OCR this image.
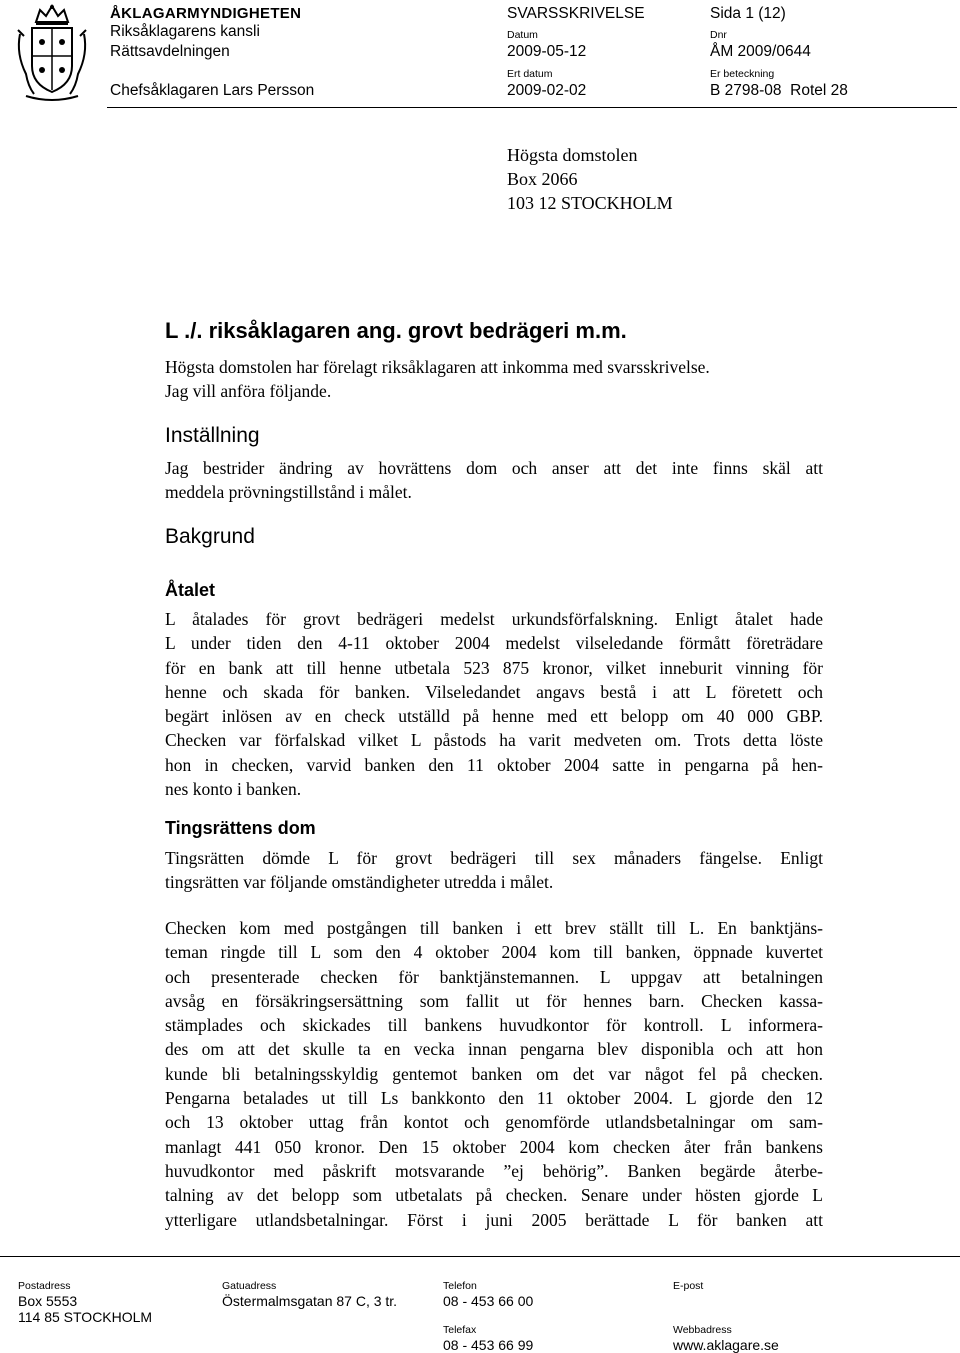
ÅKLAGARMYNDIGHETEN
Riksåklagarens kansli
Rättsavdelningen
Chefsåklagaren Lars Persson
SVARSSKRIVELSE
Datum
2009-05-12
Ert datum
2009-02-02
Sida 1 (12)
Dnr
ÅM 2009/0644
Er beteckning
B 2798-08  Rotel 28
Högsta domstolen
Box 2066
103 12 STOCKHOLM
L ./. riksåklagaren ang. grovt bedrägeri m.m.
Högsta domstolen har förelagt riksåklagaren att inkomma med svarsskrivelse.
Jag vill anföra följande.
Inställning
Jag bestrider ändring av hovrättens dom och anser att det inte finns skäl att
meddela prövningstillstånd i målet.
Bakgrund
Åtalet
L åtalades för grovt bedrägeri medelst urkundsförfalskning. Enligt åtalet hade
L under tiden den 4-11 oktober 2004 medelst vilseledande förmått företrädare
för en bank att till henne utbetala 523 875 kronor, vilket inneburit vinning för
henne och skada för banken. Vilseledandet angavs bestå i att L företett och
begärt inlösen av en check utställd på henne med ett belopp om 40 000 GBP.
Checken var förfalskad vilket L påstods ha varit medveten om. Trots detta löste
hon in checken, varvid banken den 11 oktober 2004 satte in pengarna på hen-
nes konto i banken.
Tingsrättens dom
Tingsrätten dömde L för grovt bedrägeri till sex månaders fängelse. Enligt
tingsrätten var följande omständigheter utredda i målet.
Checken kom med postgången till banken i ett brev ställt till L. En banktjäns-
teman ringde till L som den 4 oktober 2004 kom till banken, öppnade kuvertet
och presenterade checken för banktjänstemannen. L uppgav att betalningen
avsåg en försäkringsersättning som fallit ut för hennes barn. Checken kassa-
stämplades och skickades till bankens huvudkontor för kontroll. L informera-
des om att det skulle ta en vecka innan pengarna blev disponibla och att hon
kunde bli betalningsskyldig gentemot banken om det var något fel på checken.
Pengarna betalades ut till Ls bankkonto den 11 oktober 2004. L gjorde den 12
och 13 oktober uttag från kontot och genomförde utlandsbetalningar om sam-
manlagt 441 050 kronor. Den 15 oktober 2004 kom checken åter från bankens
huvudkontor med påskrift motsvarande ”ej behörig”. Banken begärde återbe-
talning av det belopp som utbetalats på checken. Senare under hösten gjorde L
ytterligare utlandsbetalningar. Först i juni 2005 berättade L för banken att
Postadress
Box 5553
114 85 STOCKHOLM
Gatuadress
Östermalmsgatan 87 C, 3 tr.
Telefon
08 - 453 66 00
Telefax
08 - 453 66 99
E-post
Webbadress
www.aklagare.se
